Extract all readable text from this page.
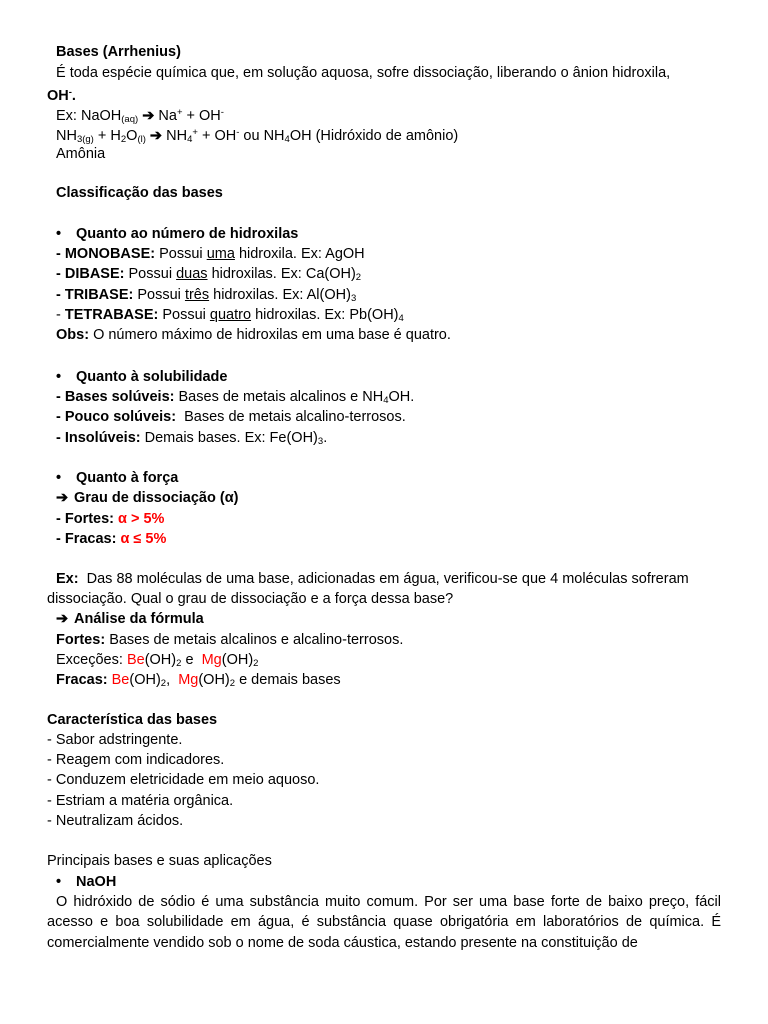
Bases (Arrhenius)
É toda espécie química que, em solução aquosa, sofre dissociação, liberando o ânion hidroxila,
OH-.
Ex: NaOH$_{(aq)}$ ➔ Na+ + OH-
$NH_{3(g)} + H_2O_{(l)}$ ➔ $NH_4^+ + OH^-$ ou $NH_4OH$ (Hidróxido de amônio)
Amônia
Classificação das bases
• Quanto ao número de hidroxilas
- MONOBASE: Possui uma hidroxila. Ex: AgOH
- DIBASE: Possui duas hidroxilas. Ex: $Ca(OH)_2$
- TRIBASE: Possui três hidroxilas. Ex: $Al(OH)_3$
- TETRABASE: Possui quatro hidroxilas. Ex: $Pb(OH)_4$
Obs: O número máximo de hidroxilas em uma base é quatro.
• Quanto à solubilidade
- Bases solúveis: Bases de metais alcalinos e $NH_4OH$.
- Pouco solúveis: Bases de metais alcalino-terrosos.
- Insolúveis: Demais bases. Ex: $Fe(OH)_3$.
• Quanto à força
➔ Grau de dissociação (α)
- Fortes: α > 5%
- Fracas: α ≤ 5%
Ex: Das 88 moléculas de uma base, adicionadas em água, verificou-se que 4 moléculas sofreram
dissociação. Qual o grau de dissociação e a força dessa base?
➔ Análise da fórmula
Fortes: Bases de metais alcalinos e alcalino-terrosos.
Exceções: $Be(OH)_2$ e $Mg(OH)_2$
Fracas: $Be(OH)_2$, $Mg(OH)_2$ e demais bases
Característica das bases
- Sabor adstringente.
- Reagem com indicadores.
- Conduzem eletricidade em meio aquoso.
- Estriam a matéria orgânica.
- Neutralizam ácidos.
Principais bases e suas aplicações
• NaOH
O hidróxido de sódio é uma substância muito comum. Por ser uma base forte de baixo preço, fácil acesso e boa solubilidade em água, é substância quase obrigatória em laboratórios de química. É comercialmente vendido sob o nome de soda cáustica, estando presente na constituição de
